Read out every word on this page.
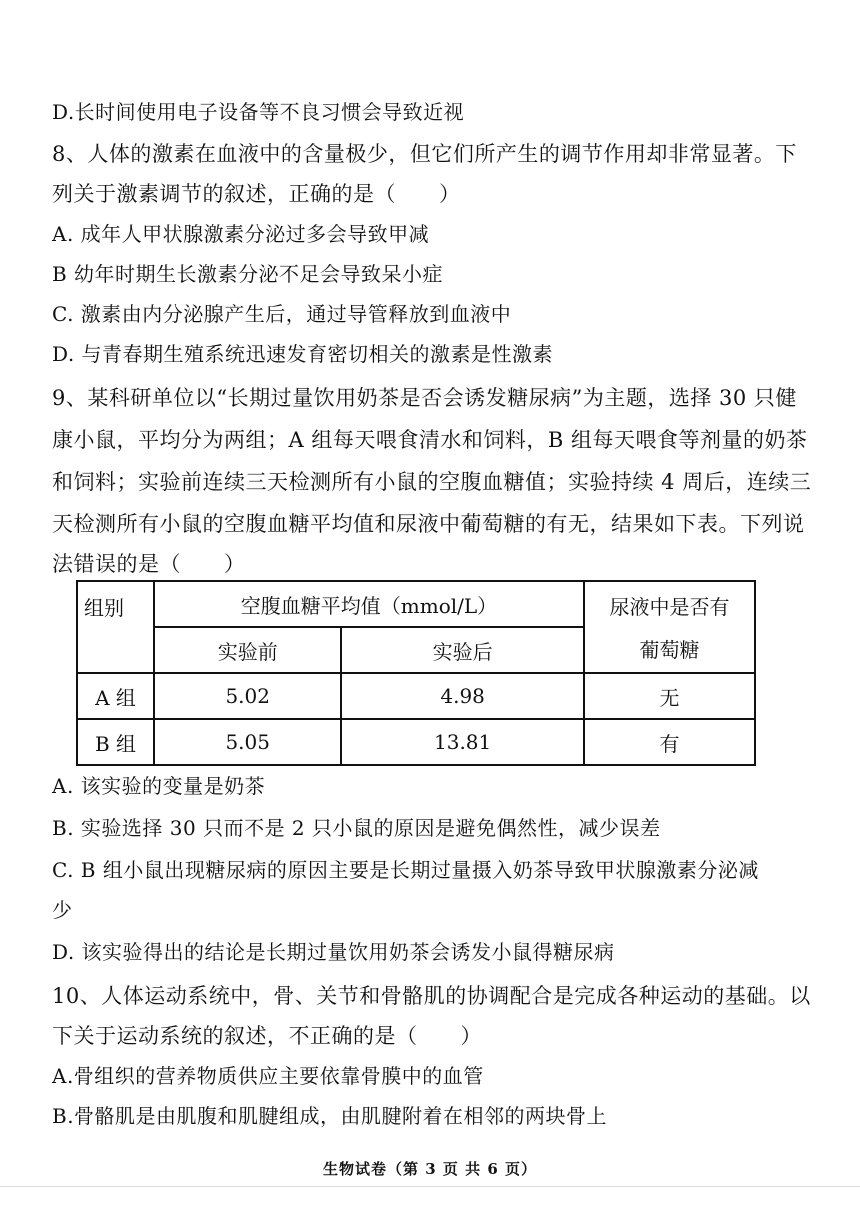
D.长时间使用电子设备等不良习惯会导致近视
8、人体的激素在血液中的含量极少，但它们所产生的调节作用却非常显著。下
列关于激素调节的叙述，正确的是（　　）
A. 成年人甲状腺激素分泌过多会导致甲减
B 幼年时期生长激素分泌不足会导致呆小症
C. 激素由内分泌腺产生后，通过导管释放到血液中
D. 与青春期生殖系统迅速发育密切相关的激素是性激素
9、某科研单位以“长期过量饮用奶茶是否会诱发糖尿病”为主题，选择 30 只健
康小鼠，平均分为两组；A 组每天喂食清水和饲料，B 组每天喂食等剂量的奶茶
和饲料；实验前连续三天检测所有小鼠的空腹血糖值；实验持续 4 周后，连续三
天检测所有小鼠的空腹血糖平均值和尿液中葡萄糖的有无，结果如下表。下列说
法错误的是（　　）
组别	空腹血糖平均值（mmol/L）		尿液中是否有
葡萄糖

	实验前	实验后	
A 组	5.02	4.98	无
B 组	5.05	13.81	有
A. 该实验的变量是奶茶
B. 实验选择 30 只而不是 2 只小鼠的原因是避免偶然性，减少误差
C. B 组小鼠出现糖尿病的原因主要是长期过量摄入奶茶导致甲状腺激素分泌减
少
D. 该实验得出的结论是长期过量饮用奶茶会诱发小鼠得糖尿病
10、人体运动系统中，骨、关节和骨骼肌的协调配合是完成各种运动的基础。以
下关于运动系统的叙述，不正确的是（　　）
A.骨组织的营养物质供应主要依靠骨膜中的血管
B.骨骼肌是由肌腹和肌腱组成，由肌腱附着在相邻的两块骨上
生物试卷（第 3 页 共 6 页）
